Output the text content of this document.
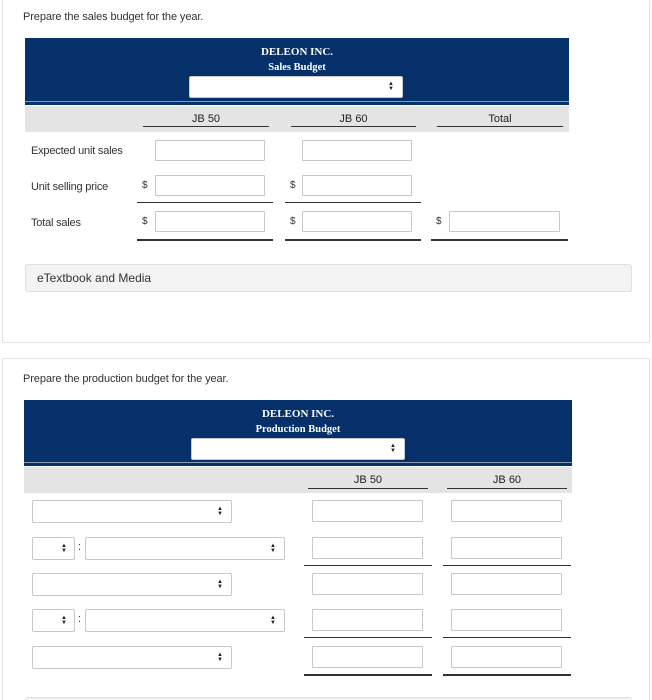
Prepare the sales budget for the year.
DELEON INC.
Sales Budget
▲
▼
JB 50	JB 60	Total
Expected unit sales
Unit selling price	$	$
Total sales	$	$	$
eTextbook and Media
Prepare the production budget for the year.
DELEON INC.
Production Budget
▲
▼
JB 50	JB 60
▲
▼
▲
▼ :	▲
▼
▲
▼
▲
▼ :	▲
▼
▲
▼
